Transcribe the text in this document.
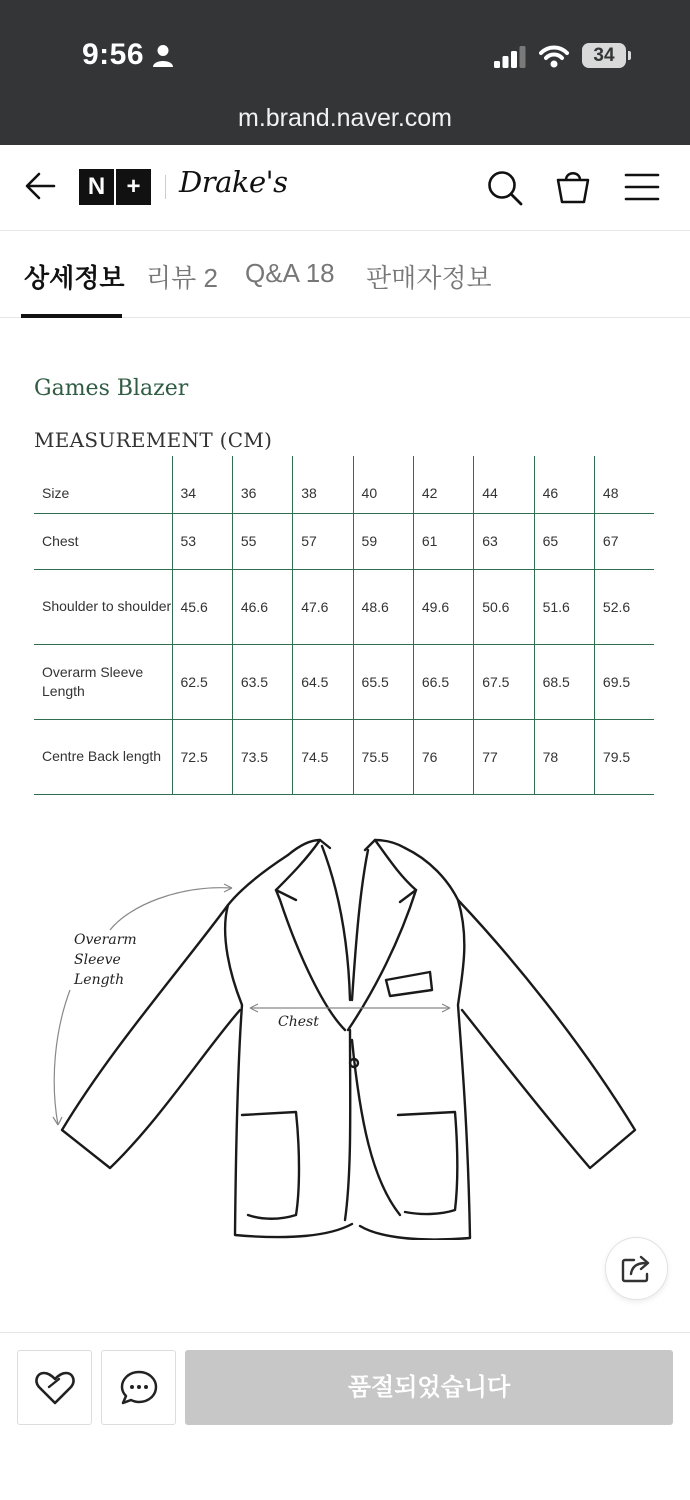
9:56	34
m.brand.naver.com
N +	Drake's
상세정보 리뷰 2 Q&A 18 판매자정보
Games Blazer
MEASUREMENT (CM)
Size	34	36	38	40	42	44	46	48
Chest	53	55	57	59	61	63	65	67
Shoulder to shoulder	45.6	46.6	47.6	48.6	49.6	50.6	51.6	52.6
Overarm Sleeve Length	62.5	63.5	64.5	65.5	66.5	67.5	68.5	69.5
Centre Back length	72.5	73.5	74.5	75.5	76	77	78	79.5
Overarm
Sleeve
Length
Chest
품절되었습니다
